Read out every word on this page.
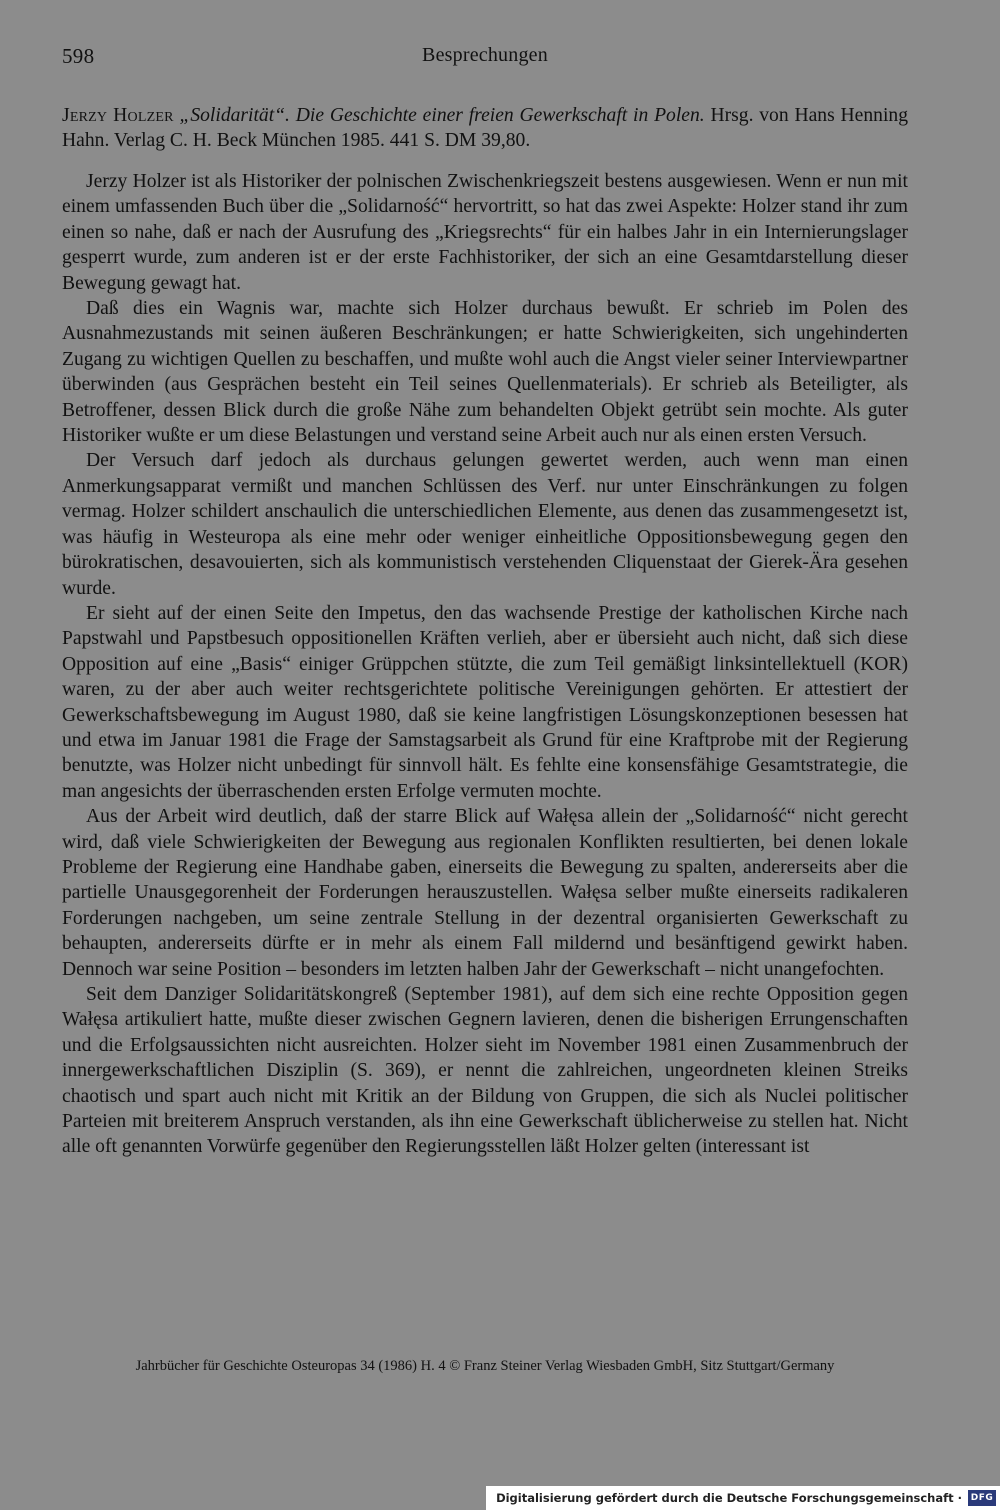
598	Besprechungen
Jerzy Holzer „Solidarität“. Die Geschichte einer freien Gewerkschaft in Polen. Hrsg. von Hans Henning Hahn. Verlag C. H. Beck München 1985. 441 S. DM 39,80.

Jerzy Holzer ist als Historiker der polnischen Zwischenkriegszeit bestens ausgewiesen. Wenn er nun mit einem umfassenden Buch über die „Solidarność“ hervortritt, so hat das zwei Aspekte: Holzer stand ihr zum einen so nahe, daß er nach der Ausrufung des „Kriegsrechts“ für ein halbes Jahr in ein Internierungslager gesperrt wurde, zum anderen ist er der erste Fachhistoriker, der sich an eine Gesamtdarstellung dieser Bewegung gewagt hat.

Daß dies ein Wagnis war, machte sich Holzer durchaus bewußt. Er schrieb im Polen des Ausnahmezustands mit seinen äußeren Beschränkungen; er hatte Schwierigkeiten, sich ungehinderten Zugang zu wichtigen Quellen zu beschaffen, und mußte wohl auch die Angst vieler seiner Interviewpartner überwinden (aus Gesprächen besteht ein Teil seines Quellenmaterials). Er schrieb als Beteiligter, als Betroffener, dessen Blick durch die große Nähe zum behandelten Objekt getrübt sein mochte. Als guter Historiker wußte er um diese Belastungen und verstand seine Arbeit auch nur als einen ersten Versuch.

Der Versuch darf jedoch als durchaus gelungen gewertet werden, auch wenn man einen Anmerkungsapparat vermißt und manchen Schlüssen des Verf. nur unter Einschränkungen zu folgen vermag. Holzer schildert anschaulich die unterschiedlichen Elemente, aus denen das zusammengesetzt ist, was häufig in Westeuropa als eine mehr oder weniger einheitliche Oppositionsbewegung gegen den bürokratischen, desavouierten, sich als kommunistisch verstehenden Cliquenstaat der Gierek-Ära gesehen wurde.

Er sieht auf der einen Seite den Impetus, den das wachsende Prestige der katholischen Kirche nach Papstwahl und Papstbesuch oppositionellen Kräften verlieh, aber er übersieht auch nicht, daß sich diese Opposition auf eine „Basis“ einiger Grüppchen stützte, die zum Teil gemäßigt linksintellektuell (KOR) waren, zu der aber auch weiter rechtsgerichtete politische Vereinigungen gehörten. Er attestiert der Gewerkschaftsbewegung im August 1980, daß sie keine langfristigen Lösungskonzeptionen besessen hat und etwa im Januar 1981 die Frage der Samstagsarbeit als Grund für eine Kraftprobe mit der Regierung benutzte, was Holzer nicht unbedingt für sinnvoll hält. Es fehlte eine konsensfähige Gesamtstrategie, die man angesichts der überraschenden ersten Erfolge vermuten mochte.

Aus der Arbeit wird deutlich, daß der starre Blick auf Wałęsa allein der „Solidarność“ nicht gerecht wird, daß viele Schwierigkeiten der Bewegung aus regionalen Konflikten resultierten, bei denen lokale Probleme der Regierung eine Handhabe gaben, einerseits die Bewegung zu spalten, andererseits aber die partielle Unausgegorenheit der Forderungen herauszustellen. Wałęsa selber mußte einerseits radikaleren Forderungen nachgeben, um seine zentrale Stellung in der dezentral organisierten Gewerkschaft zu behaupten, andererseits dürfte er in mehr als einem Fall mildernd und besänftigend gewirkt haben. Dennoch war seine Position – besonders im letzten halben Jahr der Gewerkschaft – nicht unangefochten.

Seit dem Danziger Solidaritätskongreß (September 1981), auf dem sich eine rechte Opposition gegen Wałęsa artikuliert hatte, mußte dieser zwischen Gegnern lavieren, denen die bisherigen Errungenschaften und die Erfolgsaussichten nicht ausreichten. Holzer sieht im November 1981 einen Zusammenbruch der innergewerkschaftlichen Disziplin (S. 369), er nennt die zahlreichen, ungeordneten kleinen Streiks chaotisch und spart auch nicht mit Kritik an der Bildung von Gruppen, die sich als Nuclei politischer Parteien mit breiterem Anspruch verstanden, als ihn eine Gewerkschaft üblicherweise zu stellen hat. Nicht alle oft genannten Vorwürfe gegenüber den Regierungsstellen läßt Holzer gelten (interessant ist

Jahrbücher für Geschichte Osteuropas 34 (1986) H. 4 © Franz Steiner Verlag Wiesbaden GmbH, Sitz Stuttgart/Germany
Digitalisierung gefördert durch die Deutsche Forschungsgemeinschaft · DFG
